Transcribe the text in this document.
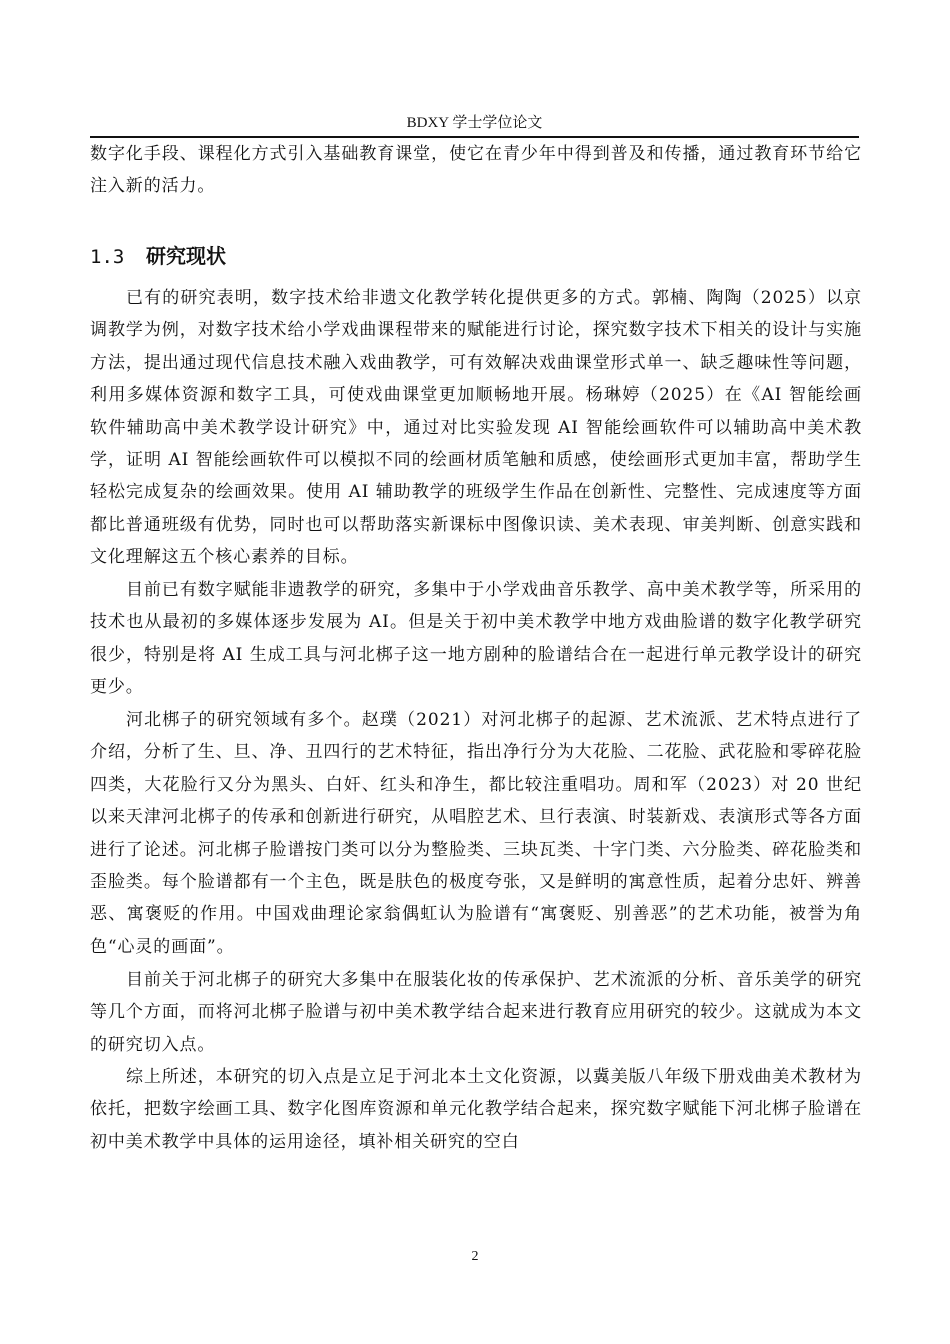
BDXY 学士学位论文

数字化手段、课程化方式引入基础教育课堂，使它在青少年中得到普及和传播，通过教育环节给它注入新的活力。

1.3 研究现状

已有的研究表明，数字技术给非遗文化教学转化提供更多的方式。郭楠、陶陶（2025）以京调教学为例，对数字技术给小学戏曲课程带来的赋能进行讨论，探究数字技术下相关的设计与实施方法，提出通过现代信息技术融入戏曲教学，可有效解决戏曲课堂形式单一、缺乏趣味性等问题，利用多媒体资源和数字工具，可使戏曲课堂更加顺畅地开展。杨琳婷（2025）在《AI 智能绘画软件辅助高中美术教学设计研究》中，通过对比实验发现 AI 智能绘画软件可以辅助高中美术教学，证明 AI 智能绘画软件可以模拟不同的绘画材质笔触和质感，使绘画形式更加丰富，帮助学生轻松完成复杂的绘画效果。使用 AI 辅助教学的班级学生作品在创新性、完整性、完成速度等方面都比普通班级有优势，同时也可以帮助落实新课标中图像识读、美术表现、审美判断、创意实践和文化理解这五个核心素养的目标。

目前已有数字赋能非遗教学的研究，多集中于小学戏曲音乐教学、高中美术教学等，所采用的技术也从最初的多媒体逐步发展为 AI。但是关于初中美术教学中地方戏曲脸谱的数字化教学研究很少，特别是将 AI 生成工具与河北梆子这一地方剧种的脸谱结合在一起进行单元教学设计的研究更少。

河北梆子的研究领域有多个。赵璞（2021）对河北梆子的起源、艺术流派、艺术特点进行了介绍，分析了生、旦、净、丑四行的艺术特征，指出净行分为大花脸、二花脸、武花脸和零碎花脸四类，大花脸行又分为黑头、白奸、红头和净生，都比较注重唱功。周和军（2023）对 20 世纪以来天津河北梆子的传承和创新进行研究，从唱腔艺术、旦行表演、时装新戏、表演形式等各方面进行了论述。河北梆子脸谱按门类可以分为整脸类、三块瓦类、十字门类、六分脸类、碎花脸类和歪脸类。每个脸谱都有一个主色，既是肤色的极度夸张，又是鲜明的寓意性质，起着分忠奸、辨善恶、寓褒贬的作用。中国戏曲理论家翁偶虹认为脸谱有“寓褒贬、别善恶”的艺术功能，被誉为角色“心灵的画面”。

目前关于河北梆子的研究大多集中在服装化妆的传承保护、艺术流派的分析、音乐美学的研究等几个方面，而将河北梆子脸谱与初中美术教学结合起来进行教育应用研究的较少。这就成为本文的研究切入点。

综上所述，本研究的切入点是立足于河北本土文化资源，以冀美版八年级下册戏曲美术教材为依托，把数字绘画工具、数字化图库资源和单元化教学结合起来，探究数字赋能下河北梆子脸谱在初中美术教学中具体的运用途径，填补相关研究的空白

2
